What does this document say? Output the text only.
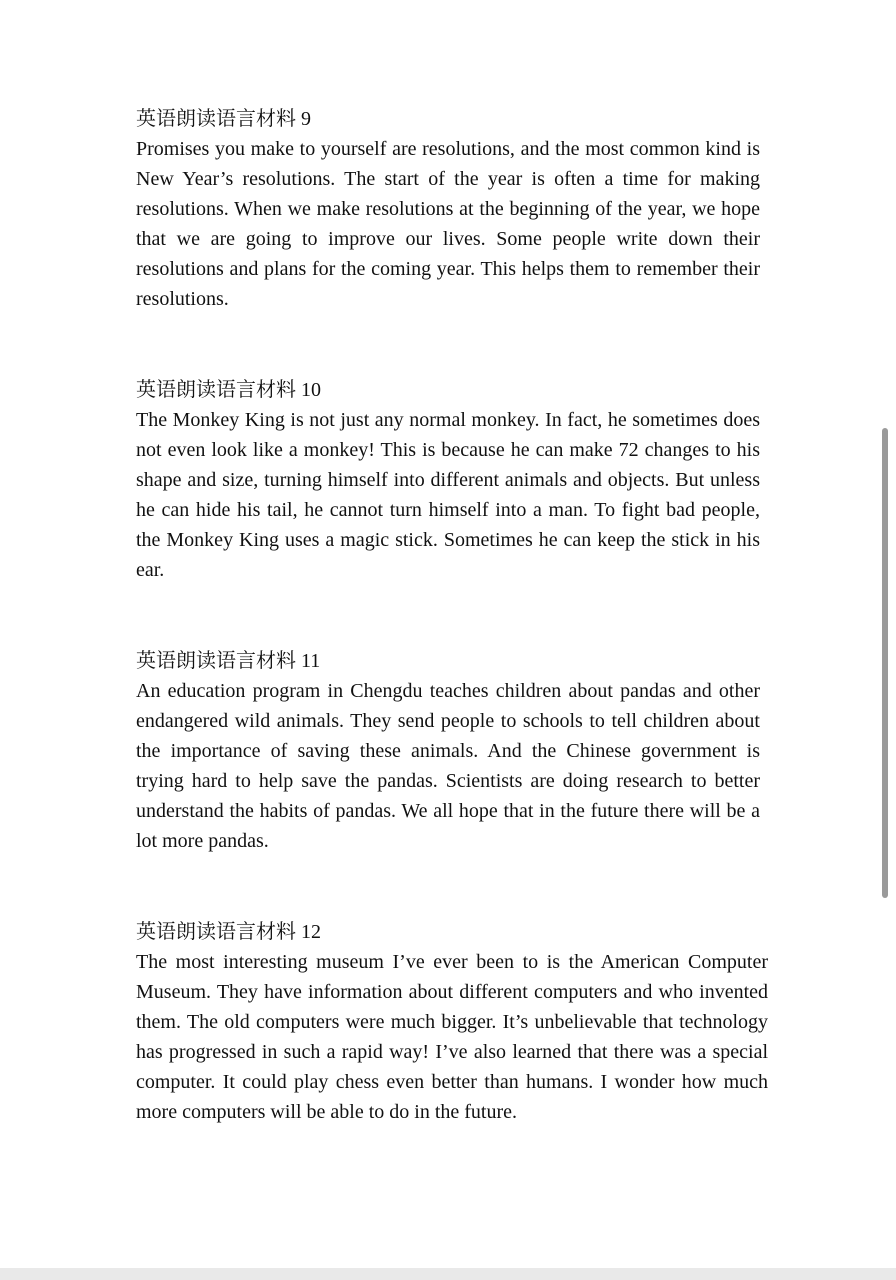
英语朗读语言材料 9

Promises you make to yourself are resolutions, and the most common kind is New Year’s resolutions. The start of the year is often a time for making resolutions. When we make resolutions at the beginning of the year, we hope that we are going to improve our lives. Some people write down their resolutions and plans for the coming year. This helps them to remember their resolutions.

英语朗读语言材料 10

The Monkey King is not just any normal monkey. In fact, he sometimes does not even look like a monkey! This is because he can make 72 changes to his shape and size, turning himself into different animals and objects. But unless he can hide his tail, he cannot turn himself into a man. To fight bad people, the Monkey King uses a magic stick. Sometimes he can keep the stick in his ear.

英语朗读语言材料 11

An education program in Chengdu teaches children about pandas and other endangered wild animals. They send people to schools to tell children about the importance of saving these animals. And the Chinese government is trying hard to help save the pandas. Scientists are doing research to better understand the habits of pandas. We all hope that in the future there will be a lot more pandas.

英语朗读语言材料 12

The most interesting museum I’ve ever been to is the American Computer Museum. They have information about different computers and who invented them. The old computers were much bigger. It’s unbelievable that technology has progressed in such a rapid way! I’ve also learned that there was a special computer. It could play chess even better than humans. I wonder how much more computers will be able to do in the future.
